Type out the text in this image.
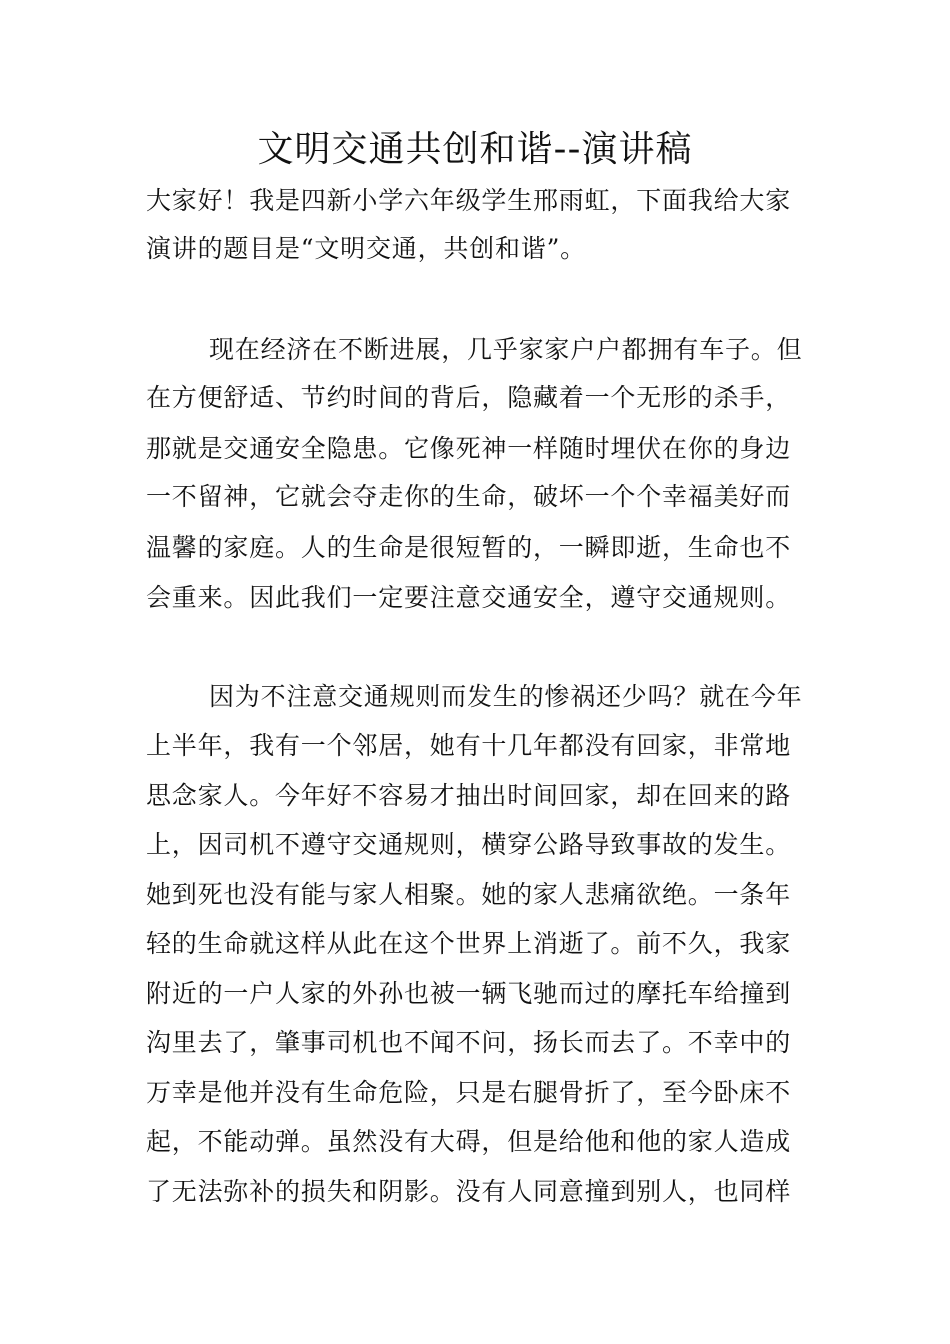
文明交通共创和谐--演讲稿

大家好！我是四新小学六年级学生邢雨虹，下面我给大家

演讲的题目是“文明交通，共创和谐”。

现在经济在不断进展，几乎家家户户都拥有车子。但

在方便舒适、节约时间的背后，隐藏着一个无形的杀手，

那就是交通安全隐患。它像死神一样随时埋伏在你的身边

一不留神，它就会夺走你的生命，破坏一个个幸福美好而

温馨的家庭。人的生命是很短暂的，一瞬即逝，生命也不

会重来。因此我们一定要注意交通安全，遵守交通规则。

因为不注意交通规则而发生的惨祸还少吗？就在今年

上半年，我有一个邻居，她有十几年都没有回家，非常地

思念家人。今年好不容易才抽出时间回家，却在回来的路

上，因司机不遵守交通规则，横穿公路导致事故的发生。

她到死也没有能与家人相聚。她的家人悲痛欲绝。一条年

轻的生命就这样从此在这个世界上消逝了。前不久，我家

附近的一户人家的外孙也被一辆飞驰而过的摩托车给撞到

沟里去了，肇事司机也不闻不问，扬长而去了。不幸中的

万幸是他并没有生命危险，只是右腿骨折了，至今卧床不

起，不能动弹。虽然没有大碍，但是给他和他的家人造成

了无法弥补的损失和阴影。没有人同意撞到别人，也同样
